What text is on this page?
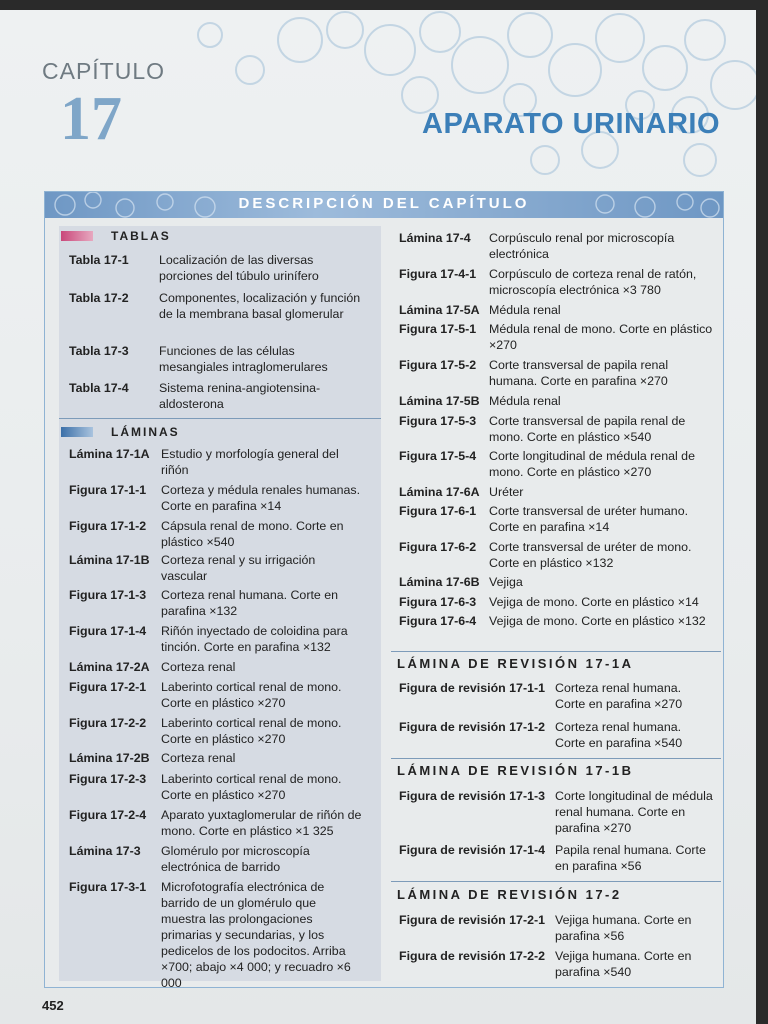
CAPÍTULO
17	APARATO URINARIO
DESCRIPCIÓN DEL CAPÍTULO
TABLAS
Tabla 17-1 Localización de las diversas porciones del túbulo urinífero
Tabla 17-2 Componentes, localización y función de la membrana basal glomerular
Tabla 17-3 Funciones de las células mesangiales intraglomerulares
Tabla 17-4 Sistema renina-angiotensina-aldosterona
LÁMINAS
Lámina 17-1A Estudio y morfología general del riñón
Figura 17-1-1 Corteza y médula renales humanas. Corte en parafina ×14
Figura 17-1-2 Cápsula renal de mono. Corte en plástico ×540
Lámina 17-1B Corteza renal y su irrigación vascular
Figura 17-1-3 Corteza renal humana. Corte en parafina ×132
Figura 17-1-4 Riñón inyectado de coloidina para tinción. Corte en parafina ×132
Lámina 17-2A Corteza renal
Figura 17-2-1 Laberinto cortical renal de mono. Corte en plástico ×270
Figura 17-2-2 Laberinto cortical renal de mono. Corte en plástico ×270
Lámina 17-2B Corteza renal
Figura 17-2-3 Laberinto cortical renal de mono. Corte en plástico ×270
Figura 17-2-4 Aparato yuxtaglomerular de riñón de mono. Corte en plástico ×1 325
Lámina 17-3 Glomérulo por microscopía electrónica de barrido
Figura 17-3-1 Microfotografía electrónica de barrido de un glomérulo que muestra las prolongaciones primarias y secundarias, y los pedicelos de los podocitos. Arriba ×700; abajo ×4 000; y recuadro ×6 000
Lámina 17-4 Corpúsculo renal por microscopía electrónica
Figura 17-4-1 Corpúsculo de corteza renal de ratón, microscopía electrónica ×3 780
Lámina 17-5A Médula renal
Figura 17-5-1 Médula renal de mono. Corte en plástico ×270
Figura 17-5-2 Corte transversal de papila renal humana. Corte en parafina ×270
Lámina 17-5B Médula renal
Figura 17-5-3 Corte transversal de papila renal de mono. Corte en plástico ×540
Figura 17-5-4 Corte longitudinal de médula renal de mono. Corte en plástico ×270
Lámina 17-6A Uréter
Figura 17-6-1 Corte transversal de uréter humano. Corte en parafina ×14
Figura 17-6-2 Corte transversal de uréter de mono. Corte en plástico ×132
Lámina 17-6B Vejiga
Figura 17-6-3 Vejiga de mono. Corte en plástico ×14
Figura 17-6-4 Vejiga de mono. Corte en plástico ×132
LÁMINA DE REVISIÓN 17-1A
Figura de revisión 17-1-1 Corteza renal humana. Corte en parafina ×270
Figura de revisión 17-1-2 Corteza renal humana. Corte en parafina ×540
LÁMINA DE REVISIÓN 17-1B
Figura de revisión 17-1-3 Corte longitudinal de médula renal humana. Corte en parafina ×270
Figura de revisión 17-1-4 Papila renal humana. Corte en parafina ×56
LÁMINA DE REVISIÓN 17-2
Figura de revisión 17-2-1 Vejiga humana. Corte en parafina ×56
Figura de revisión 17-2-2 Vejiga humana. Corte en parafina ×540
452
